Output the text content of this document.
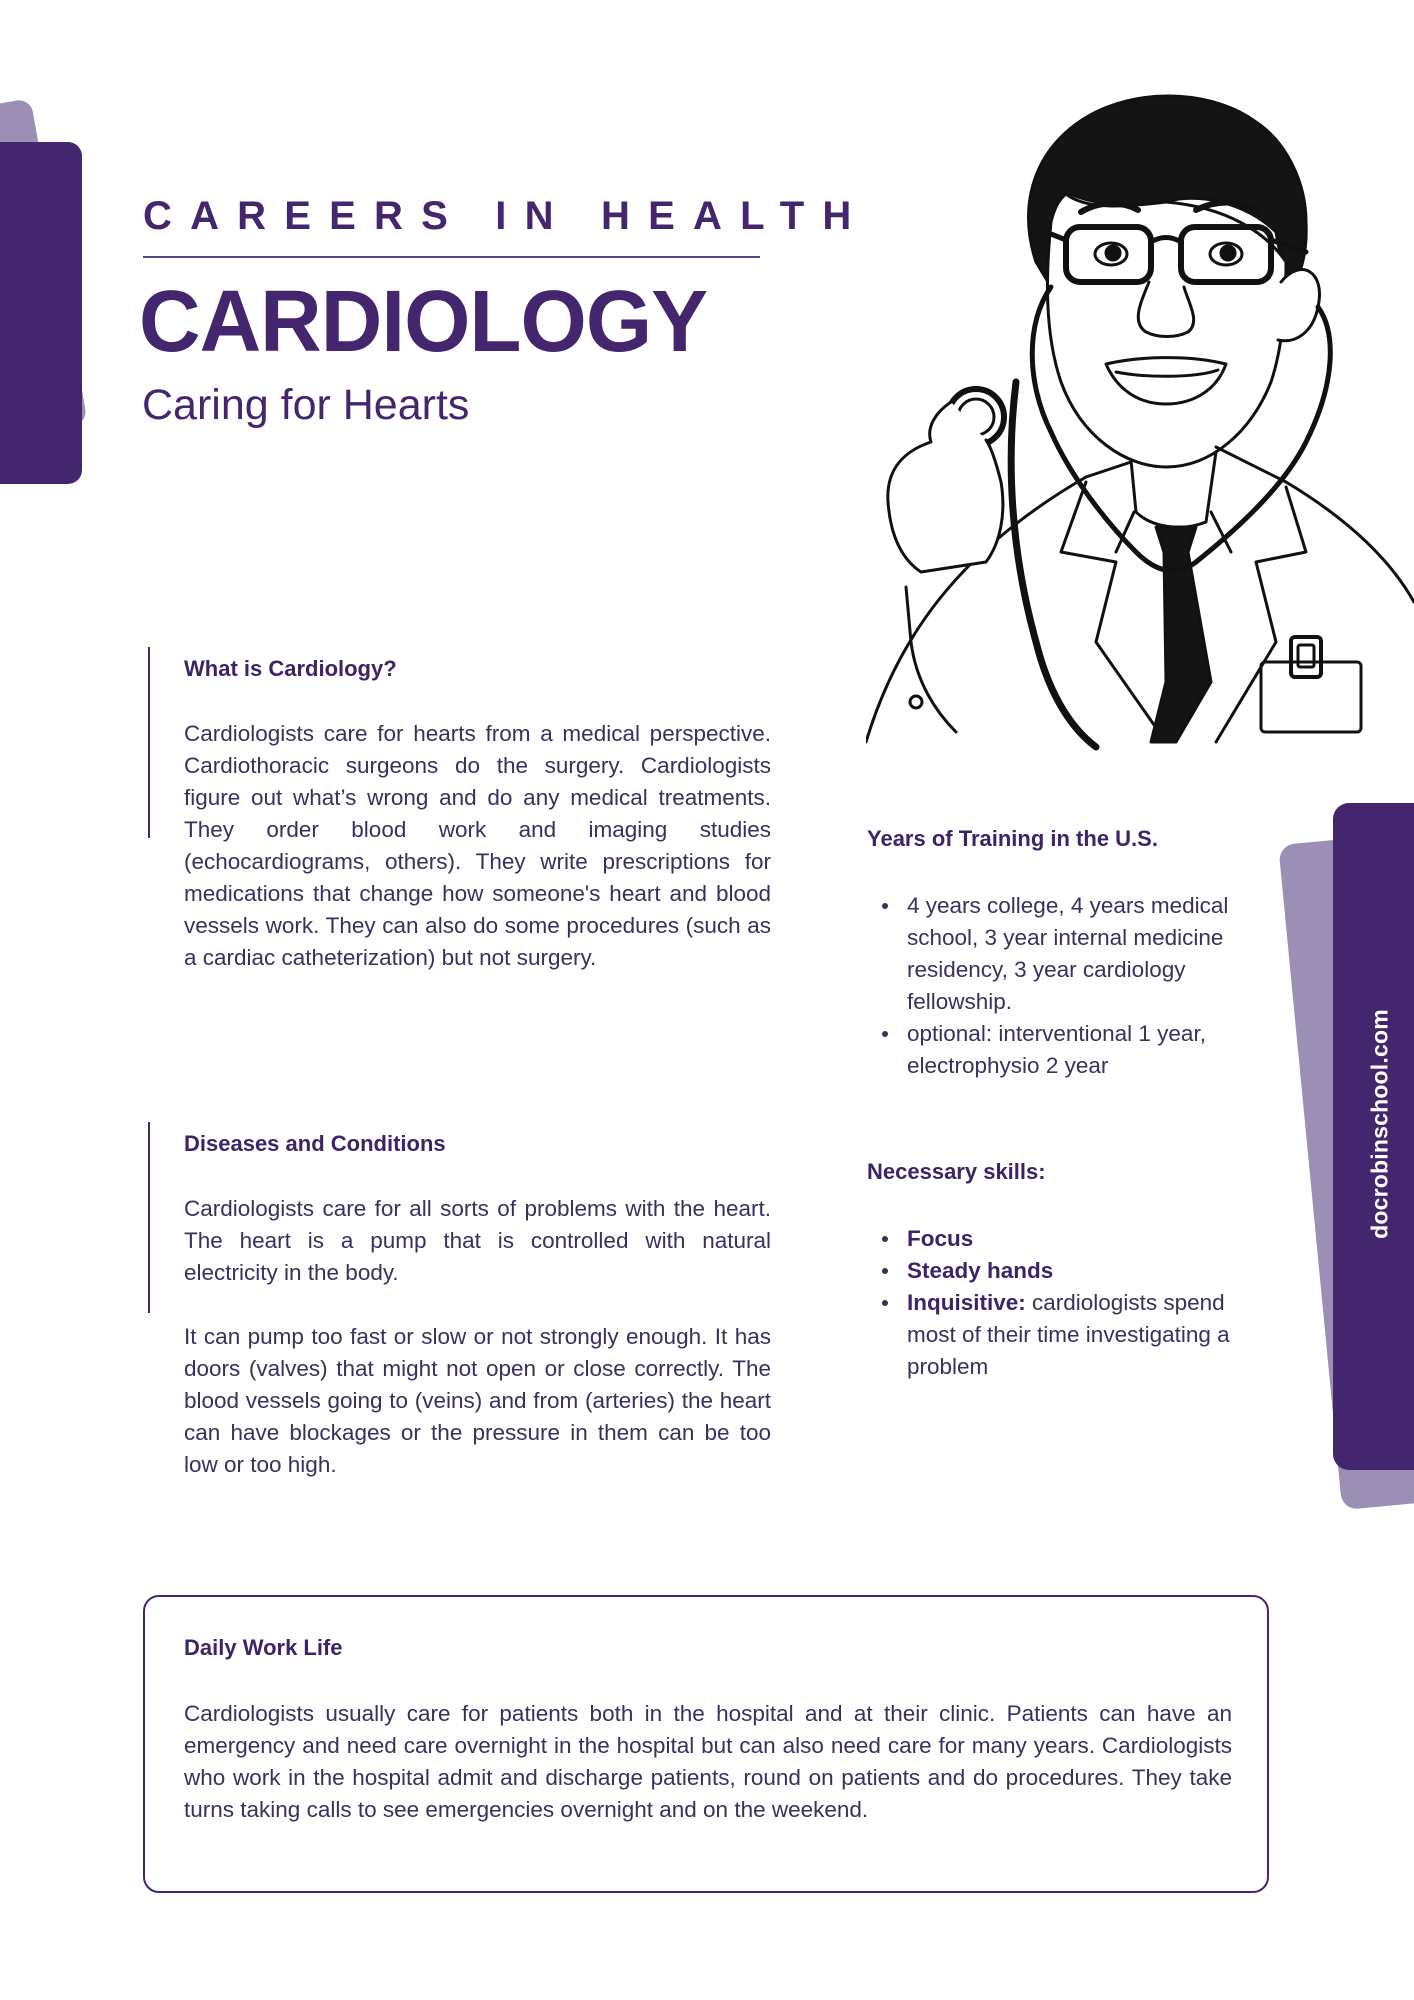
docrobinschool.com
CAREERS IN HEALTH
CARDIOLOGY
Caring for Hearts
What is Cardiology?

Cardiologists care for hearts from a medical perspective. Cardiothoracic surgeons do the surgery. Cardiologists figure out what’s wrong and do any medical treatments. They order blood work and imaging studies (echocardiograms, others). They write prescriptions for medications that change how someone's heart and blood vessels work. They can also do some procedures (such as a cardiac catheterization) but not surgery.

Diseases and Conditions

Cardiologists care for all sorts of problems with the heart. The heart is a pump that is controlled with natural electricity in the body.

It can pump too fast or slow or not strongly enough. It has doors (valves) that might not open or close correctly. The blood vessels going to (veins) and from (arteries) the heart can have blockages or the pressure in them can be too low or too high.

Years of Training in the U.S.
4 years college, 4 years medical school, 3 year internal medicine residency, 3 year cardiology fellowship.
optional: interventional 1 year, electrophysio 2 year
Necessary skills:
Focus
Steady hands
Inquisitive: cardiologists spend most of their time investigating a problem
Daily Work Life

Cardiologists usually care for patients both in the hospital and at their clinic. Patients can have an emergency and need care overnight in the hospital but can also need care for many years. Cardiologists who work in the hospital admit and discharge patients, round on patients and do procedures. They take turns taking calls to see emergencies overnight and on the weekend.
